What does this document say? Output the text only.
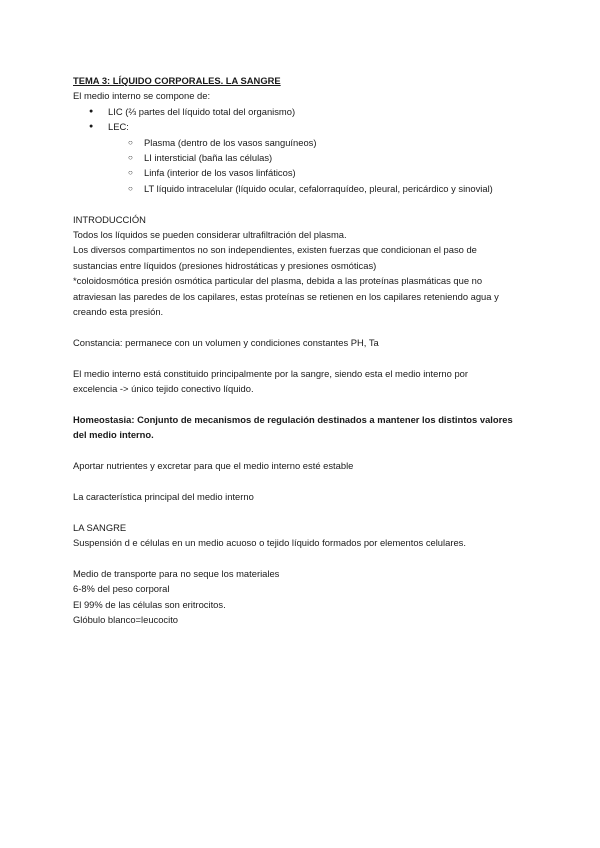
TEMA 3: LÍQUIDO CORPORALES. LA SANGRE

El medio interno se compone de:

● LIC (⅔ partes del líquido total del organismo)
● LEC:
○ Plasma (dentro de los vasos sanguíneos)
○ LI intersticial (baña las células)
○ Linfa (interior de los vasos linfáticos)
○ LT líquido intracelular (líquido ocular, cefalorraquídeo, pleural, pericárdico y sinovial)

INTRODUCCIÓN

Todos los líquidos se pueden considerar ultrafiltración del plasma.

Los diversos compartimentos no son independientes, existen fuerzas que condicionan el paso de

sustancias entre líquidos (presiones hidrostáticas y presiones osmóticas)

*coloidosmótica presión osmótica particular del plasma, debida a las proteínas plasmáticas que no

atraviesan las paredes de los capilares, estas proteínas se retienen en los capilares reteniendo agua y

creando esta presión.

Constancia: permanece con un volumen y condiciones constantes PH, Ta

El medio interno está constituido principalmente por la sangre, siendo esta el medio interno por

excelencia -> único tejido conectivo líquido.

Homeostasia: Conjunto de mecanismos de regulación destinados a mantener los distintos valores

del medio interno.

Aportar nutrientes y excretar para que el medio interno esté estable

La característica principal del medio interno

LA SANGRE

Suspensión d e células en un medio acuoso o tejido líquido formados por elementos celulares.

Medio de transporte para no seque los materiales

6-8% del peso corporal

El 99% de las células son eritrocitos.

Glóbulo blanco=leucocito
